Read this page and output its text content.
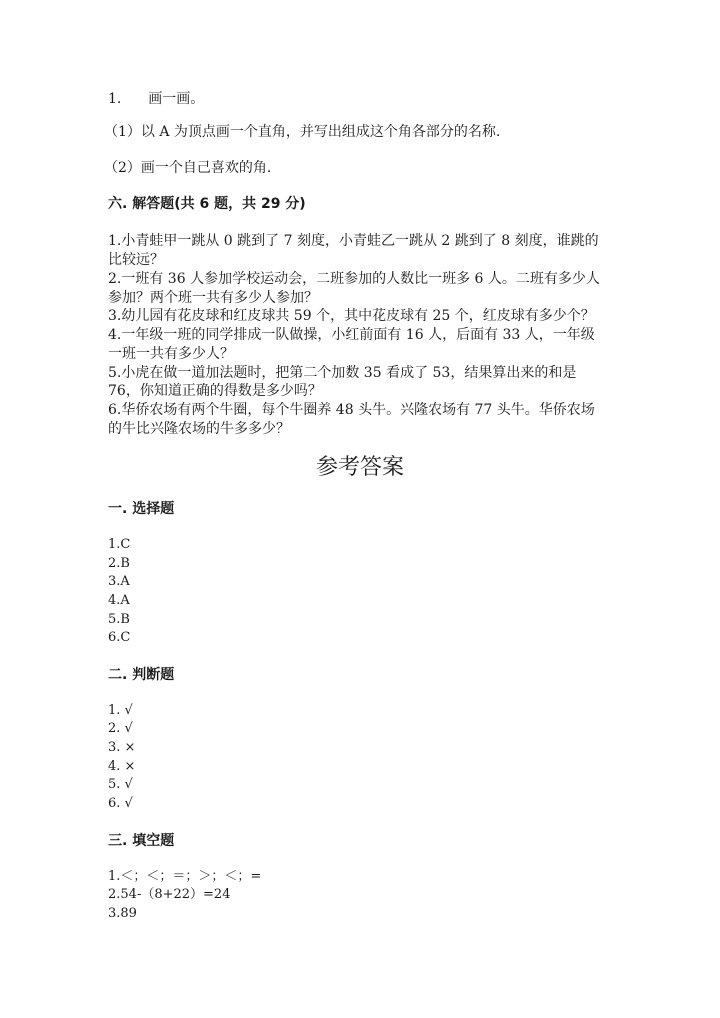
1. 画一画。
（1）以 A 为顶点画一个直角，并写出组成这个角各部分的名称.
（2）画一个自己喜欢的角.
六. 解答题(共 6 题，共 29 分)
1.小青蛙甲一跳从 0 跳到了 7 刻度，小青蛙乙一跳从 2 跳到了 8 刻度，谁跳的
比较远？
2.一班有 36 人参加学校运动会，二班参加的人数比一班多 6 人。二班有多少人
参加？两个班一共有多少人参加？
3.幼儿园有花皮球和红皮球共 59 个，其中花皮球有 25 个，红皮球有多少个？
4.一年级一班的同学排成一队做操，小红前面有 16 人，后面有 33 人，一年级
一班一共有多少人？
5.小虎在做一道加法题时，把第二个加数 35 看成了 53，结果算出来的和是
76，你知道正确的得数是多少吗？
6.华侨农场有两个牛圈，每个牛圈养 48 头牛。兴隆农场有 77 头牛。华侨农场
的牛比兴隆农场的牛多多少？
参考答案
一. 选择题
1.C
2.B
3.A
4.A
5.B
6.C
二. 判断题
1. √
2. √
3. ×
4. ×
5. √
6. √
三. 填空题
1.＜；＜；＝；＞；＜；=
2.54-（8+22）=24
3.89
